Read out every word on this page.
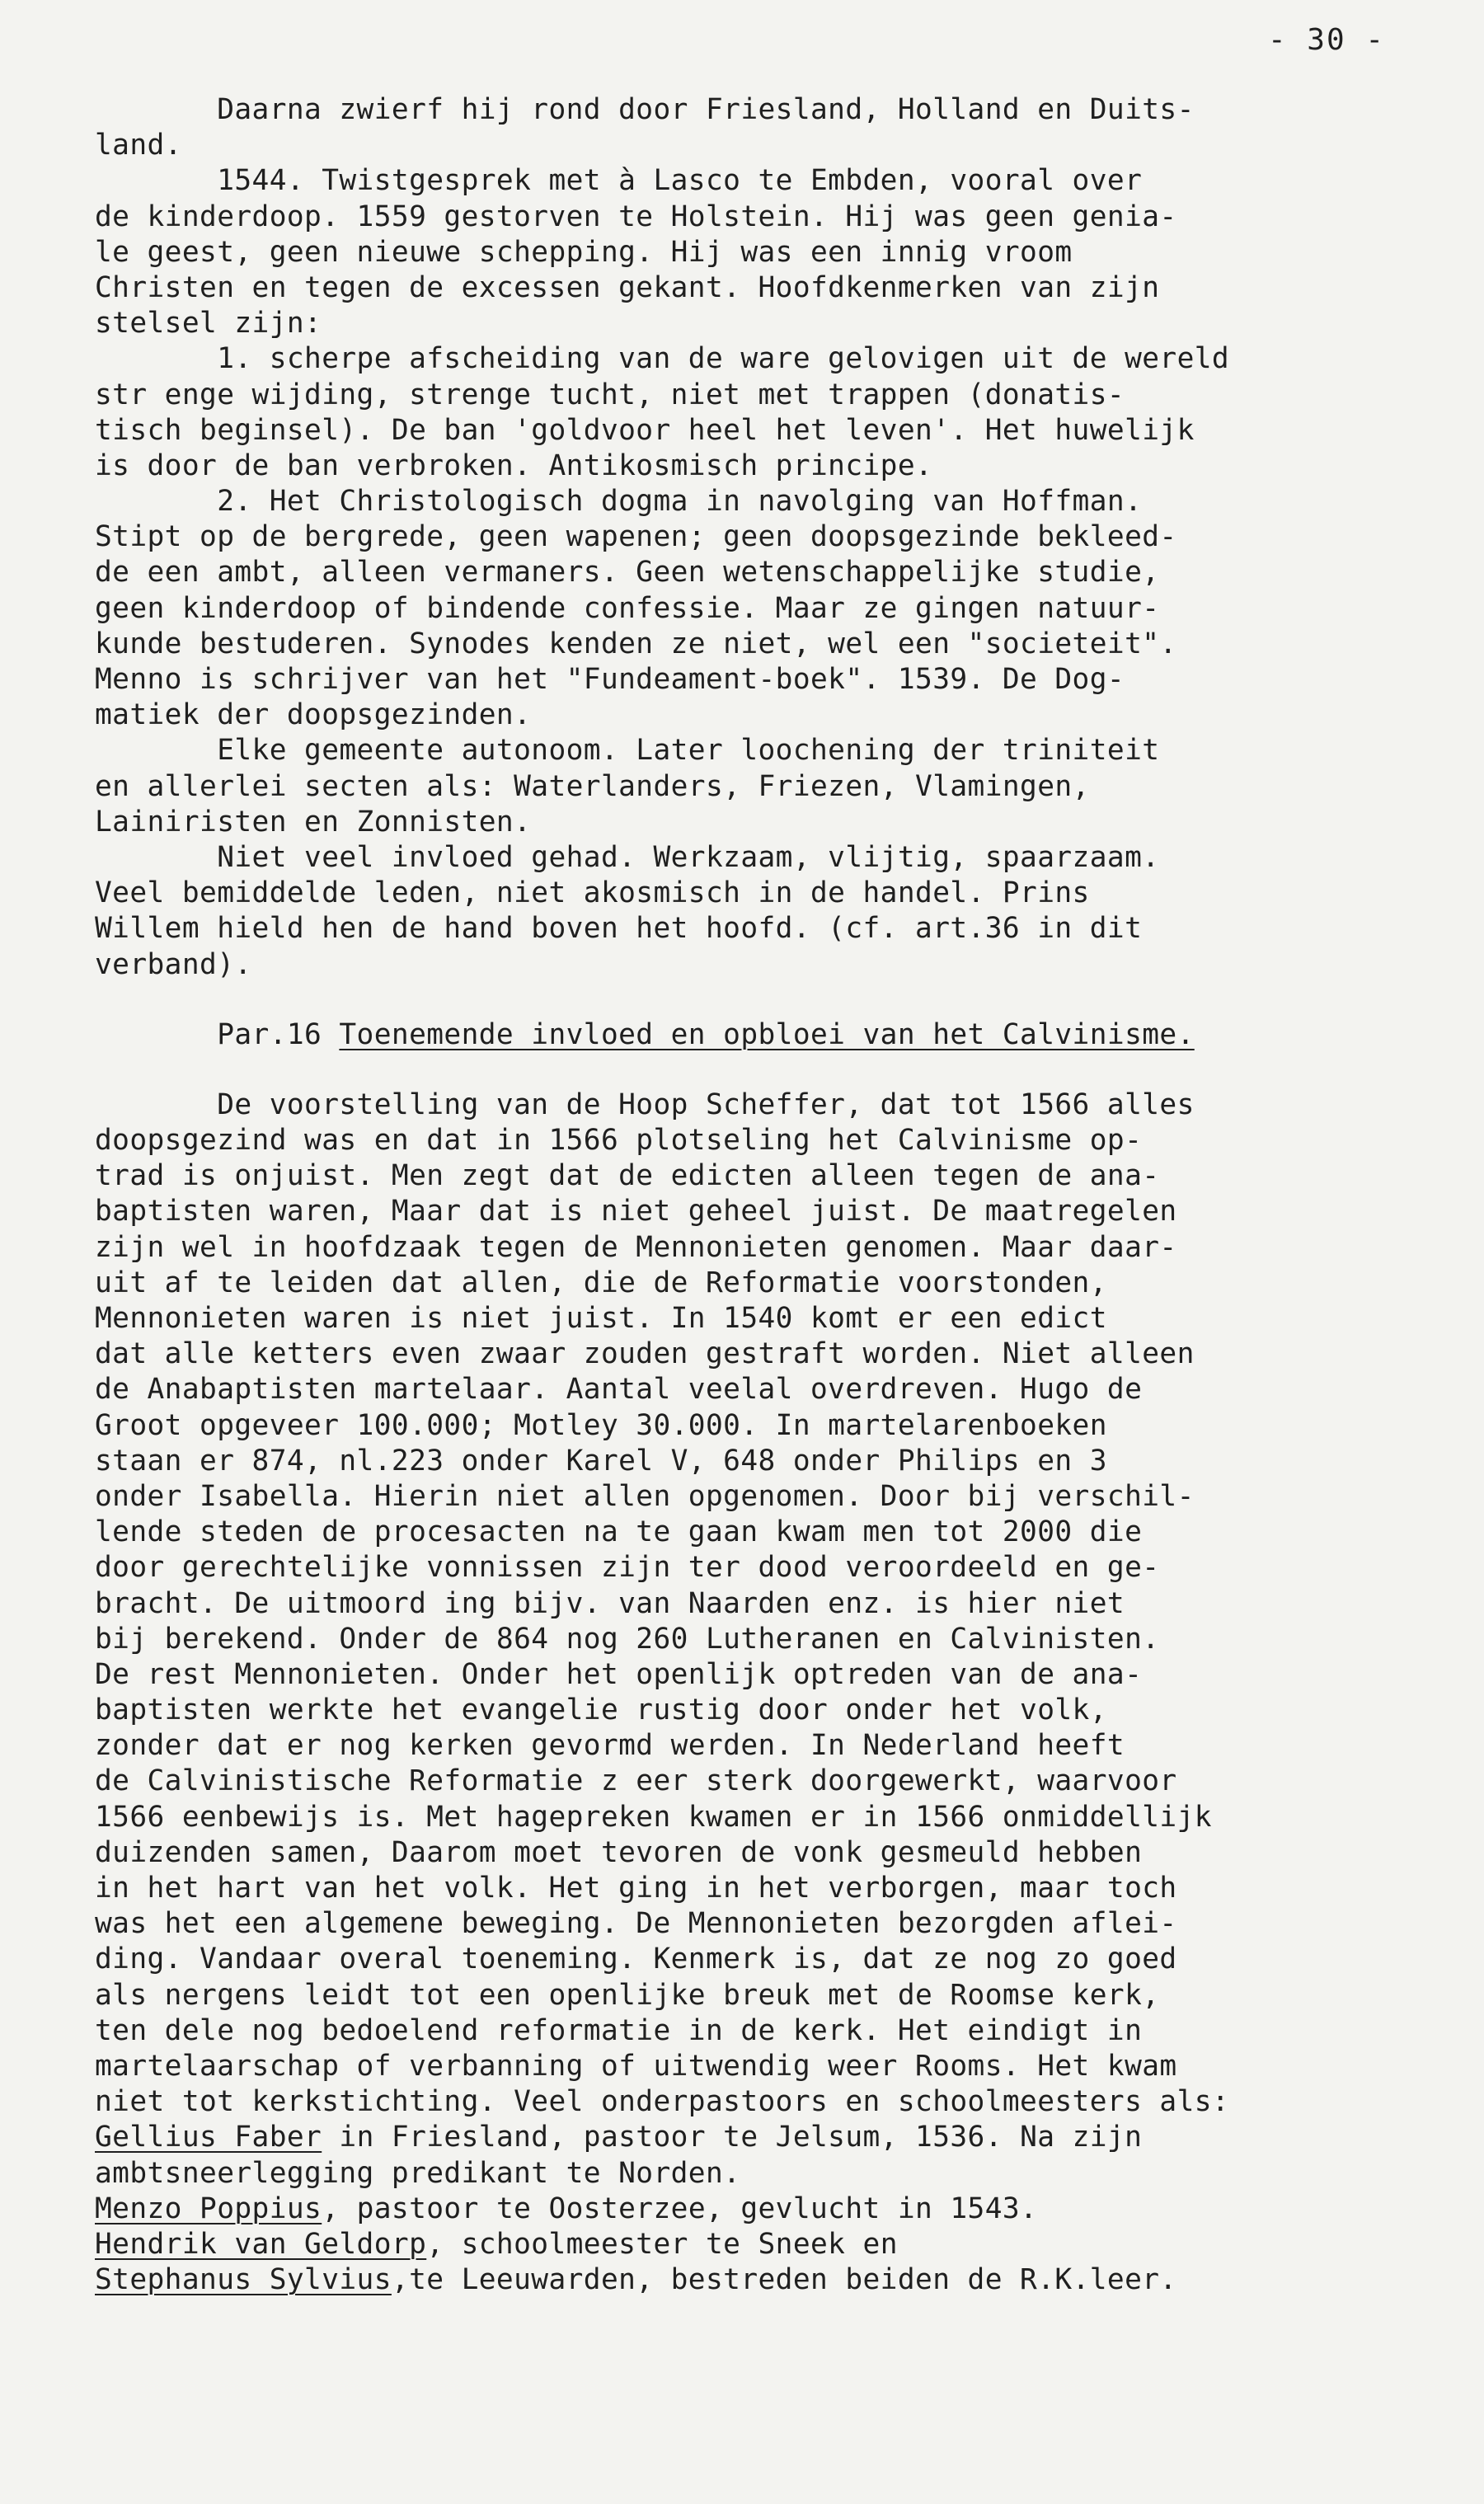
- 30 -
Daarna zwierf hij rond door Friesland, Holland en Duits-
land.
1544. Twistgesprek met à Lasco te Embden, vooral over
de kinderdoop. 1559 gestorven te Holstein. Hij was geen genia-
le geest, geen nieuwe schepping. Hij was een innig vroom
Christen en tegen de excessen gekant. Hoofdkenmerken van zijn
stelsel zijn:
1. scherpe afscheiding van de ware gelovigen uit de wereld
str enge wijding, strenge tucht, niet met trappen (donatis-
tisch beginsel). De ban 'goldvoor heel het leven'. Het huwelijk
is door de ban verbroken. Antikosmisch principe.
2. Het Christologisch dogma in navolging van Hoffman.
Stipt op de bergrede, geen wapenen; geen doopsgezinde bekleed-
de een ambt, alleen vermaners. Geen wetenschappelijke studie,
geen kinderdoop of bindende confessie. Maar ze gingen natuur-
kunde bestuderen. Synodes kenden ze niet, wel een "societeit".
Menno is schrijver van het "Fundeament-boek". 1539. De Dog-
matiek der doopsgezinden.
Elke gemeente autonoom. Later loochening der triniteit
en allerlei secten als: Waterlanders, Friezen, Vlamingen,
Lainiristen en Zonnisten.
Niet veel invloed gehad. Werkzaam, vlijtig, spaarzaam.
Veel bemiddelde leden, niet akosmisch in de handel. Prins
Willem hield hen de hand boven het hoofd. (cf. art.36 in dit
verband).
Par.16 Toenemende invloed en opbloei van het Calvinisme.
De voorstelling van de Hoop Scheffer, dat tot 1566 alles
doopsgezind was en dat in 1566 plotseling het Calvinisme op-
trad is onjuist. Men zegt dat de edicten alleen tegen de ana-
baptisten waren, Maar dat is niet geheel juist. De maatregelen
zijn wel in hoofdzaak tegen de Mennonieten genomen. Maar daar-
uit af te leiden dat allen, die de Reformatie voorstonden,
Mennonieten waren is niet juist. In 1540 komt er een edict
dat alle ketters even zwaar zouden gestraft worden. Niet alleen
de Anabaptisten martelaar. Aantal veelal overdreven. Hugo de
Groot opgeveer 100.000; Motley 30.000. In martelarenboeken
staan er 874, nl.223 onder Karel V, 648 onder Philips en 3
onder Isabella. Hierin niet allen opgenomen. Door bij verschil-
lende steden de procesacten na te gaan kwam men tot 2000 die
door gerechtelijke vonnissen zijn ter dood veroordeeld en ge-
bracht. De uitmoord ing bijv. van Naarden enz. is hier niet
bij berekend. Onder de 864 nog 260 Lutheranen en Calvinisten.
De rest Mennonieten. Onder het openlijk optreden van de ana-
baptisten werkte het evangelie rustig door onder het volk,
zonder dat er nog kerken gevormd werden. In Nederland heeft
de Calvinistische Reformatie z eer sterk doorgewerkt, waarvoor
1566 eenbewijs is. Met hagepreken kwamen er in 1566 onmiddellijk
duizenden samen, Daarom moet tevoren de vonk gesmeuld hebben
in het hart van het volk. Het ging in het verborgen, maar toch
was het een algemene beweging. De Mennonieten bezorgden aflei-
ding. Vandaar overal toeneming. Kenmerk is, dat ze nog zo goed
als nergens leidt tot een openlijke breuk met de Roomse kerk,
ten dele nog bedoelend reformatie in de kerk. Het eindigt in
martelaarschap of verbanning of uitwendig weer Rooms. Het kwam
niet tot kerkstichting. Veel onderpastoors en schoolmeesters als:
Gellius Faber in Friesland, pastoor te Jelsum, 1536. Na zijn
ambtsneerlegging predikant te Norden.
Menzo Poppius, pastoor te Oosterzee, gevlucht in 1543.
Hendrik van Geldorp, schoolmeester te Sneek en
Stephanus Sylvius,te Leeuwarden, bestreden beiden de R.K.leer.
